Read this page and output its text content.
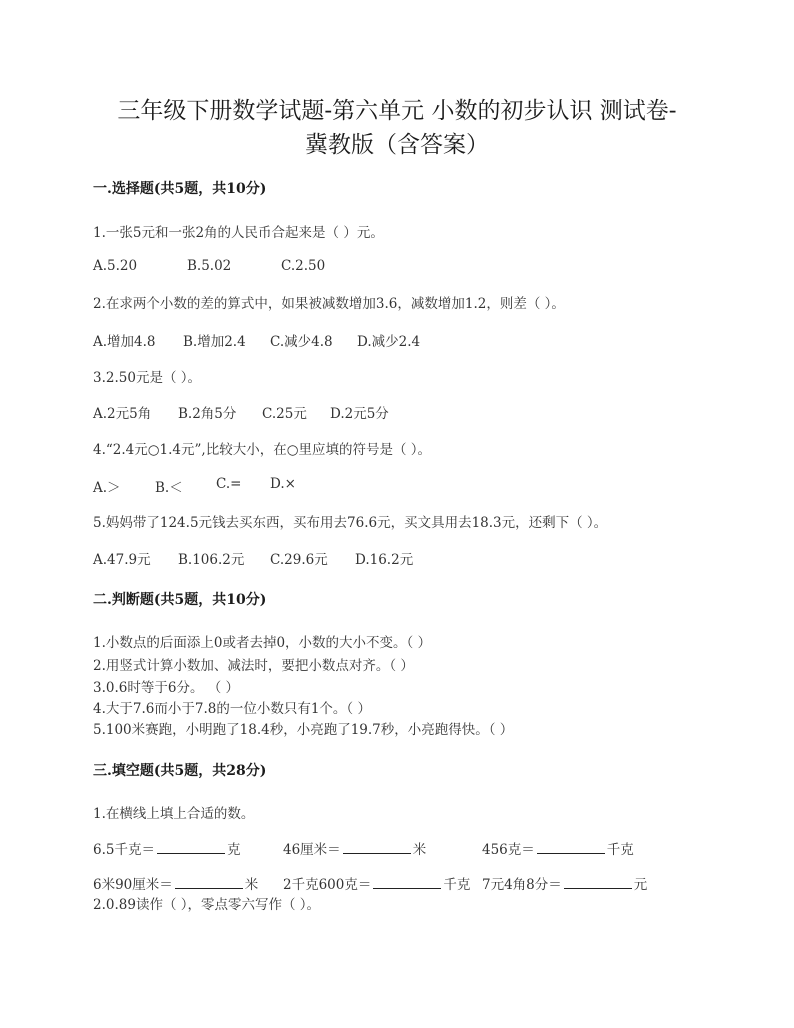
三年级下册数学试题-第六单元 小数的初步认识 测试卷-
冀教版（含答案）
一.选择题(共5题，共10分)
1.一张5元和一张2角的人民币合起来是（ ）元。
A.5.20	B.5.02	C.2.50
2.在求两个小数的差的算式中，如果被减数增加3.6，减数增加1.2，则差（ ）。
A.增加4.8 B.增加2.4 C.减少4.8 D.减少2.4
3.2.50元是（ ）。
A.2元5角 B.2角5分 C.25元 D.2元5分
4.“2.4元○1.4元”,比较大小，在○里应填的符号是（ ）。
A.＞	B.＜ C.= D.×
5.妈妈带了124.5元钱去买东西，买布用去76.6元，买文具用去18.3元，还剩下（ ）。
A.47.9元 B.106.2元 C.29.6元 D.16.2元
二.判断题(共5题，共10分)
1.小数点的后面添上0或者去掉0，小数的大小不变。（ ）
2.用竖式计算小数加、减法时，要把小数点对齐。（ ）
3.0.6时等于6分。 （ ）
4.大于7.6而小于7.8的一位小数只有1个。（ ）
5.100米赛跑，小明跑了18.4秒，小亮跑了19.7秒，小亮跑得快。（ ）
三.填空题(共5题，共28分)
1.在横线上填上合适的数。
6.5千克＝	克	46厘米＝	米	456克＝	千克
6米90厘米＝	米 2千克600克＝	千克 7元4角8分＝	元
2.0.89读作（ ），零点零六写作（ ）。
